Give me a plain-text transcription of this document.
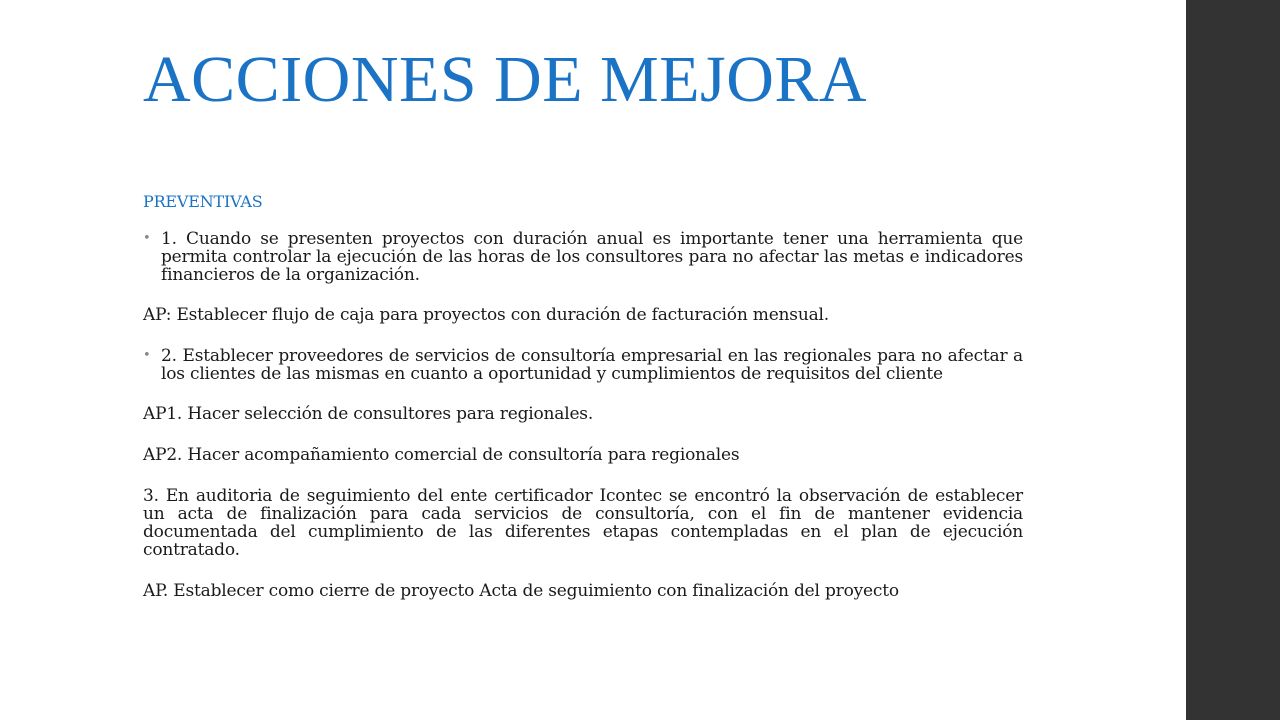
ACCIONES DE MEJORA

PREVENTIVAS

• 1. Cuando se presenten proyectos con duración anual es importante tener una herramienta que permita controlar la ejecución de las horas de los consultores para no afectar las metas e indicadores financieros de la organización.

AP: Establecer flujo de caja para proyectos con duración de facturación mensual.

• 2. Establecer proveedores de servicios de consultoría empresarial en las regionales para no afectar a los clientes de las mismas en cuanto a oportunidad y cumplimientos de requisitos del cliente

AP1. Hacer selección de consultores para regionales.

AP2. Hacer acompañamiento comercial de consultoría para regionales

3. En auditoria de seguimiento del ente certificador Icontec se encontró la observación de establecer un acta de finalización para cada servicios de consultoría, con el fin de mantener evidencia documentada del cumplimiento de las diferentes etapas contempladas en el plan de ejecución contratado.

AP. Establecer como cierre de proyecto Acta de seguimiento con finalización del proyecto
